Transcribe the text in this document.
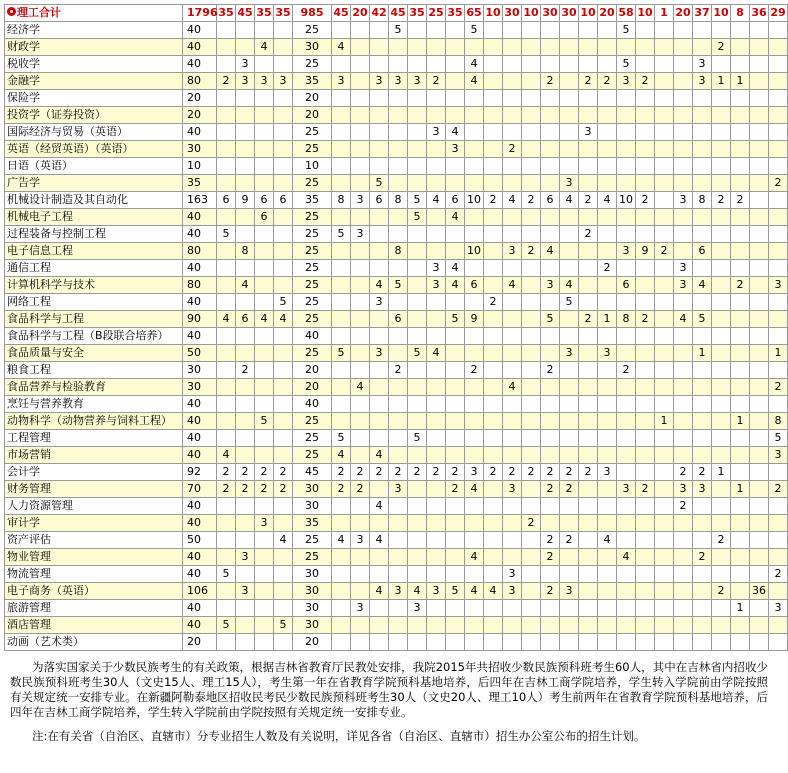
理工合计	1796	35	45	35	35	985	45	20	42	45	35	25	35	65	10	30	10	30	30	10	20	58	10	1	20	37	10	8	36	29
经济学	40					25				5				5								5								
财政学	40			4		30	4																				2			
税收学	40		3			25								4								5				3				
金融学	80	2	3	3	3	35	3		3	3	3	2		4				2		2	2	3	2			3	1	1		
保险学	20					20																								
投资学（证券投资）	20					20																								
国际经济与贸易（英语）	40					25						3	4							3										
英语（经贸英语）（英语）	30					25							3			2														
日语（英语）	10					10																								
广告学	35					25			5										3											2
机械设计制造及其自动化	163	6	9	6	6	35	8	3	6	8	5	4	6	10	2	4	2	6	4	2	4	10	2		3	8	2	2		
机械电子工程	40			6		25					5		4																	
过程装备与控制工程	40	5				25	5	3												2										
电子信息工程	80		8			25				8				10		3	2	4				3	9	2		6				
通信工程	40					25						3	4								2				3					
计算机科学与技术	80		4			25			4	5		3	4	6		4		3	4			6			3	4		2		3
网络工程	40				5	25			3						2				5											
食品科学与工程	90	4	6	4	4	25				6			5	9				5		2	1	8	2		4	5				
食品科学与工程（B段联合培养）	40					40																								
食品质量与安全	50					25	5		3		5	4							3		3					1				1
粮食工程	30		2			20				2				2				2				2								
食品营养与检验教育	30					20		4								4														2
烹饪与营养教育	40					40																								
动物科学（动物营养与饲料工程）	40			5		25																		1				1		8
工程管理	40					25	5				5																			5
市场营销	40	4				25	4		4																					3
会计学	92	2	2	2	2	45	2	2	2	2	2	2	2	3	2	2	2	2	2	2	3				2	2	1			
财务管理	70	2	2	2	2	30	2	2		3			2	4		3		2	2			3	2		3	3		1		2
人力资源管理	40					30			4																2					
审计学	40			3		35											2													
资产评估	50				4	25	4	3	4									2	2		4						2			
物业管理	40		3			25								4				2				4				2				
物流管理	40	5				30										3														2
电子商务（英语）	106		3			30			4	3	4	3	5	4	4	3		2	3								2		36	
旅游管理	40					30		3			3																	1		3
酒店管理	40	5			5	30																								
动画（艺术类）	20					20																								

为落实国家关于少数民族考生的有关政策，根据吉林省教育厅民教处安排，我院2015年共招收少数民族预科班考生60人，其中在吉林省内招收少数民族预科班考生30人（文史15人、理工15人），考生第一年在省教育学院预科基地培养，后四年在吉林工商学院培养，学生转入学院前由学院按照有关规定统一安排专业。在新疆阿勒泰地区招收民考民少数民族预科班考生30人（文史20人、理工10人）考生前两年在省教育学院预科基地培养，后四年在吉林工商学院培养，学生转入学院前由学院按照有关规定统一安排专业。

注:在有关省（自治区、直辖市）分专业招生人数及有关说明，详见各省（自治区、直辖市）招生办公室公布的招生计划。
